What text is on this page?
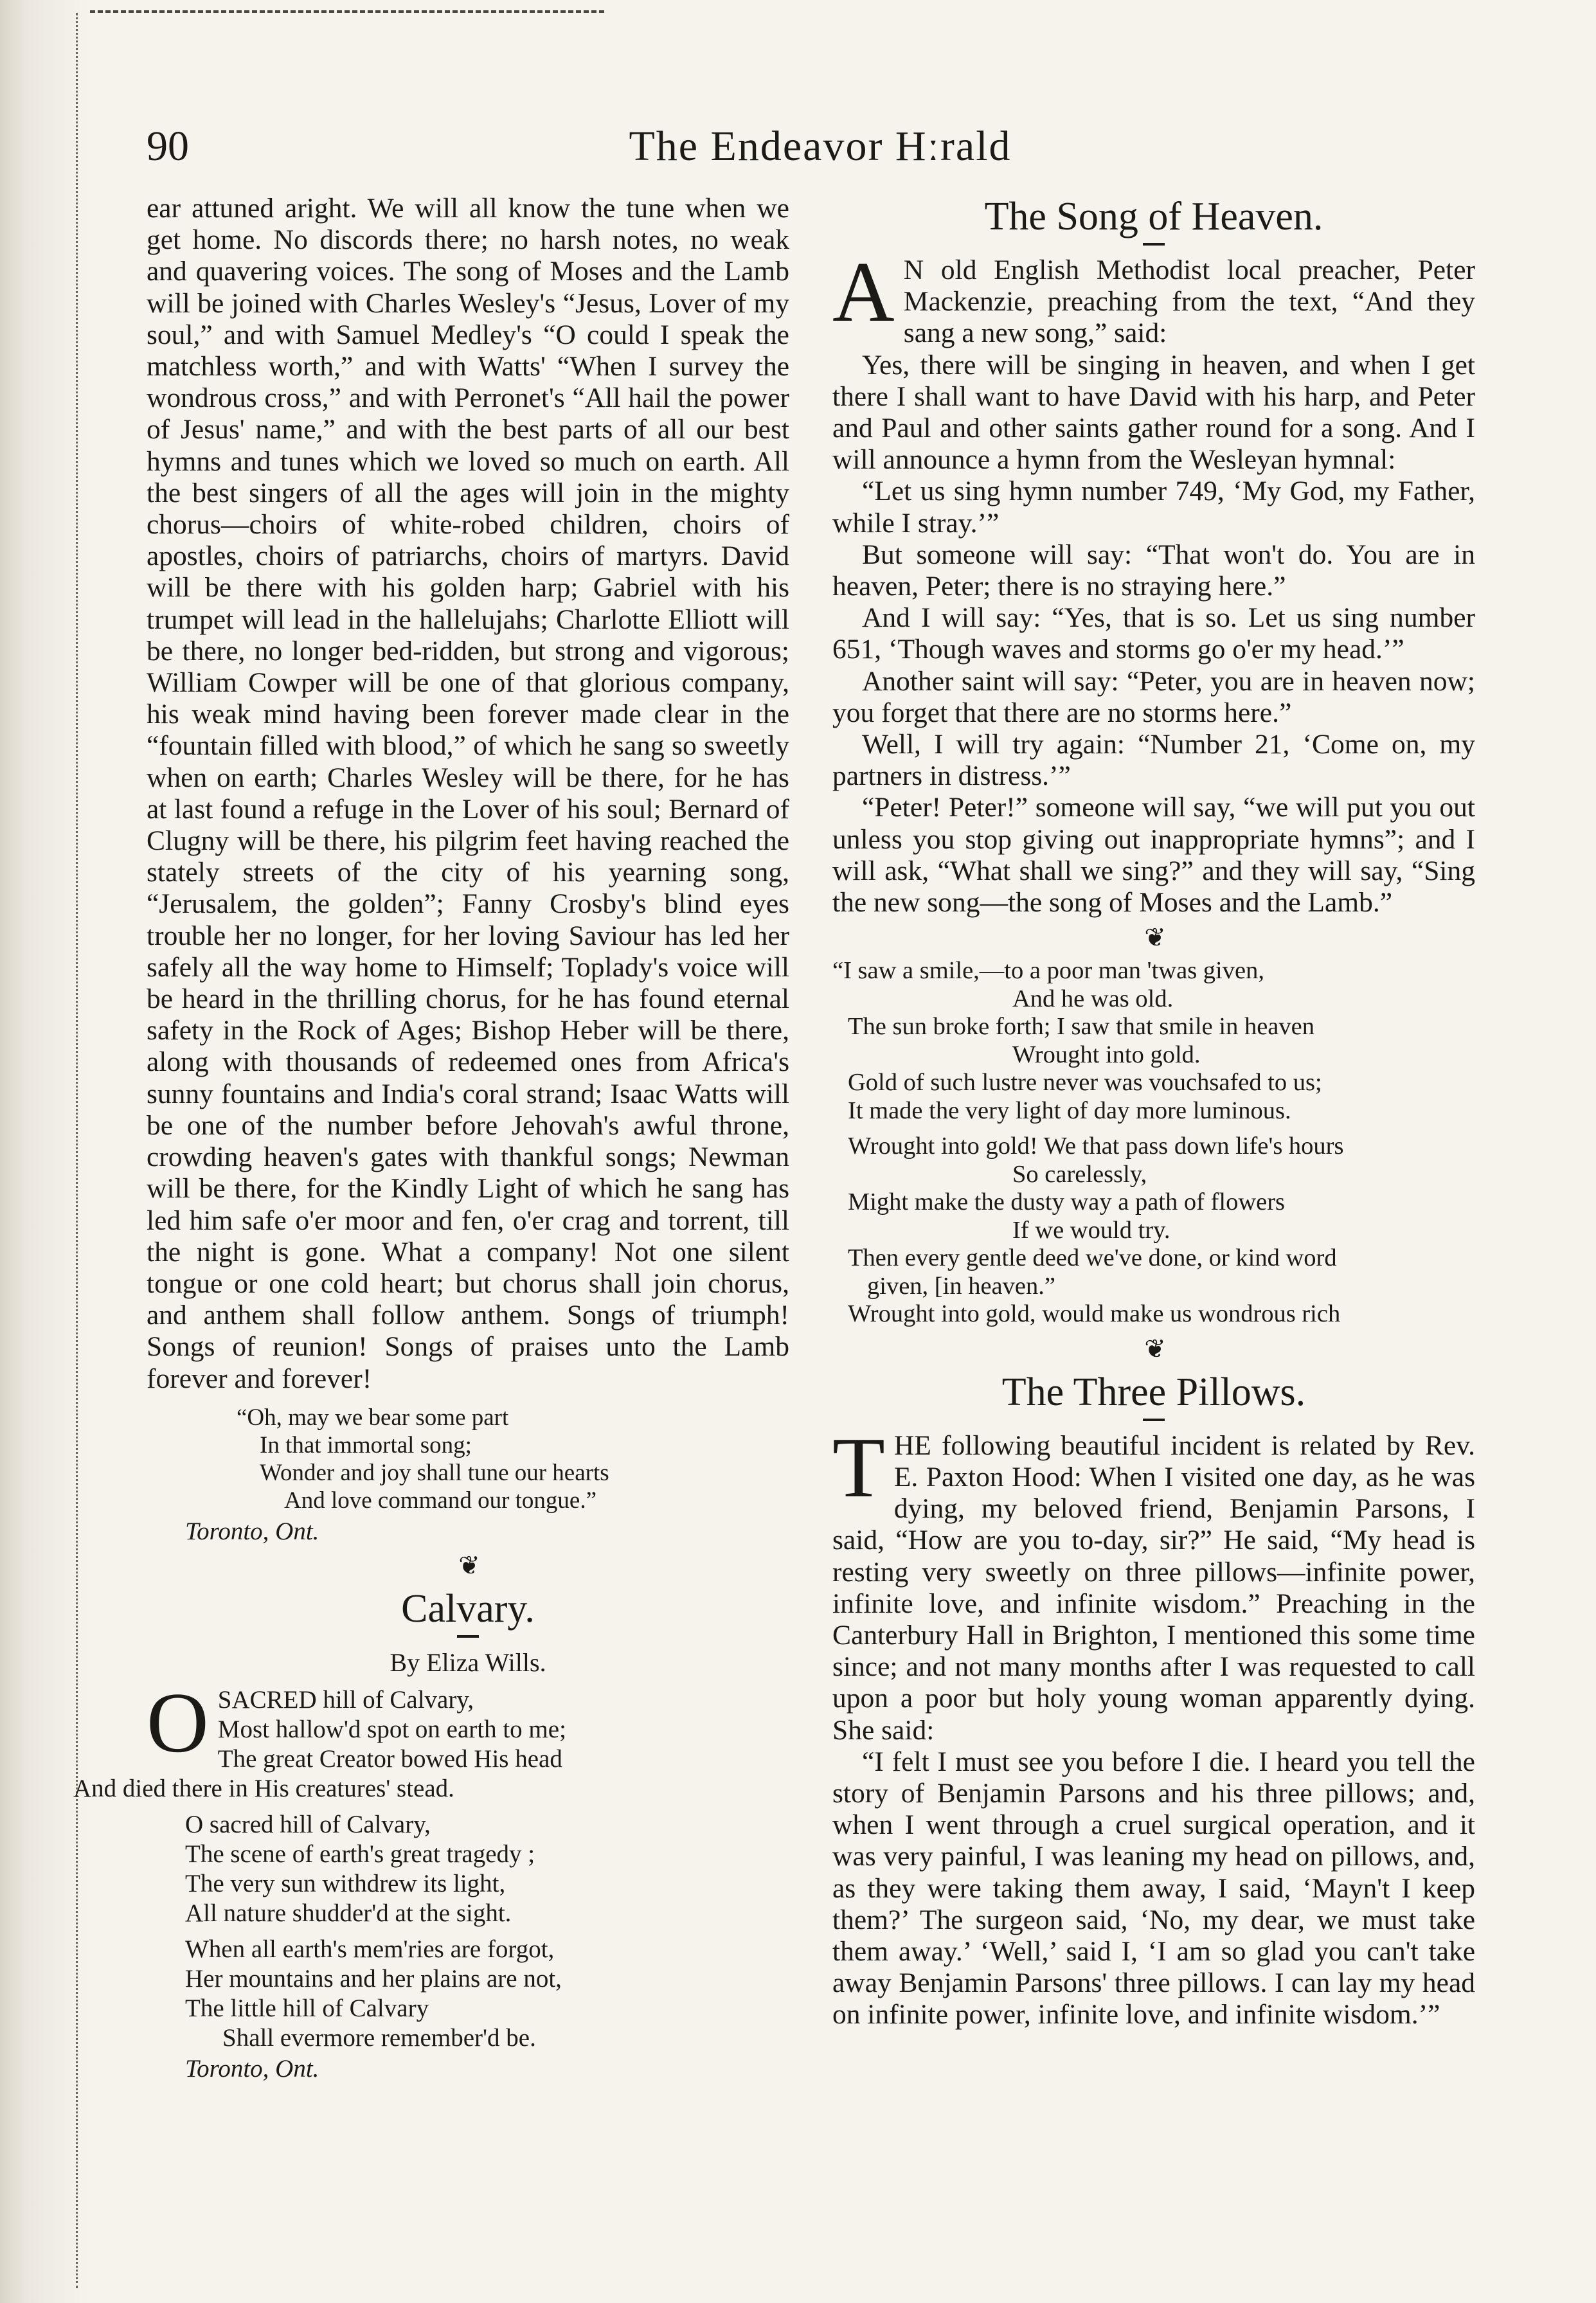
90	The Endeavor Hːrald

ear attuned aright. We will all know the tune when we get home. No discords there; no harsh notes, no weak and quavering voices. The song of Moses and the Lamb will be joined with Charles Wesley's “Jesus, Lover of my soul,” and with Samuel Medley's “O could I speak the matchless worth,” and with Watts' “When I survey the wondrous cross,” and with Perronet's “All hail the power of Jesus' name,” and with the best parts of all our best hymns and tunes which we loved so much on earth. All the best singers of all the ages will join in the mighty chorus—choirs of white-robed children, choirs of apostles, choirs of patriarchs, choirs of martyrs. David will be there with his golden harp; Gabriel with his trumpet will lead in the hallelujahs; Charlotte Elliott will be there, no longer bed-ridden, but strong and vigorous; William Cowper will be one of that glorious company, his weak mind having been forever made clear in the “fountain filled with blood,” of which he sang so sweetly when on earth; Charles Wesley will be there, for he has at last found a refuge in the Lover of his soul; Bernard of Clugny will be there, his pilgrim feet having reached the stately streets of the city of his yearning song, “Jerusalem, the golden”; Fanny Crosby's blind eyes trouble her no longer, for her loving Saviour has led her safely all the way home to Himself; Toplady's voice will be heard in the thrilling chorus, for he has found eternal safety in the Rock of Ages; Bishop Heber will be there, along with thousands of redeemed ones from Africa's sunny fountains and India's coral strand; Isaac Watts will be one of the number before Jehovah's awful throne, crowding heaven's gates with thankful songs; Newman will be there, for the Kindly Light of which he sang has led him safe o'er moor and fen, o'er crag and torrent, till the night is gone. What a company! Not one silent tongue or one cold heart; but chorus shall join chorus, and anthem shall follow anthem. Songs of triumph! Songs of reunion! Songs of praises unto the Lamb forever and forever!

“Oh, may we bear some part
In that immortal song;
Wonder and joy shall tune our hearts
And love command our tongue.”
Toronto, Ont.
❦
Calvary.
By Eliza Wills.
O SACRED hill of Calvary,
Most hallow'd spot on earth to me;
The great Creator bowed His head
And died there in His creatures' stead.
O sacred hill of Calvary,
The scene of earth's great tragedy ;
The very sun withdrew its light,
All nature shudder'd at the sight.
When all earth's mem'ries are forgot,
Her mountains and her plains are not,
The little hill of Calvary
Shall evermore remember'd be.
Toronto, Ont.
The Song of Heaven.
A N old English Methodist local preacher, Peter Mackenzie, preaching from the text, “And they sang a new song,” said:

Yes, there will be singing in heaven, and when I get there I shall want to have David with his harp, and Peter and Paul and other saints gather round for a song. And I will announce a hymn from the Wesleyan hymnal:

“Let us sing hymn number 749, ‘My God, my Father, while I stray.’”

But someone will say: “That won't do. You are in heaven, Peter; there is no straying here.”

And I will say: “Yes, that is so. Let us sing number 651, ‘Though waves and storms go o'er my head.’”

Another saint will say: “Peter, you are in heaven now; you forget that there are no storms here.”

Well, I will try again: “Number 21, ‘Come on, my partners in distress.’”

“Peter! Peter!” someone will say, “we will put you out unless you stop giving out inappropriate hymns”; and I will ask, “What shall we sing?” and they will say, “Sing the new song—the song of Moses and the Lamb.”

❦
“I saw a smile,—to a poor man 'twas given,
And he was old.
The sun broke forth; I saw that smile in heaven
Wrought into gold.
Gold of such lustre never was vouchsafed to us;
It made the very light of day more luminous.
Wrought into gold! We that pass down life's hours
So carelessly,
Might make the dusty way a path of flowers
If we would try.
Then every gentle deed we've done, or kind word
given, [in heaven.”
Wrought into gold, would make us wondrous rich
❦
The Three Pillows.
T HE following beautiful incident is related by Rev. E. Paxton Hood: When I visited one day, as he was dying, my beloved friend, Benjamin Parsons, I said, “How are you to-day, sir?” He said, “My head is resting very sweetly on three pillows—infinite power, infinite love, and infinite wisdom.” Preaching in the Canterbury Hall in Brighton, I mentioned this some time since; and not many months after I was requested to call upon a poor but holy young woman apparently dying. She said:

“I felt I must see you before I die. I heard you tell the story of Benjamin Parsons and his three pillows; and, when I went through a cruel surgical operation, and it was very painful, I was leaning my head on pillows, and, as they were taking them away, I said, ‘Mayn't I keep them?’ The surgeon said, ‘No, my dear, we must take them away.’ ‘Well,’ said I, ‘I am so glad you can't take away Benjamin Parsons' three pillows. I can lay my head on infinite power, infinite love, and infinite wisdom.’”
